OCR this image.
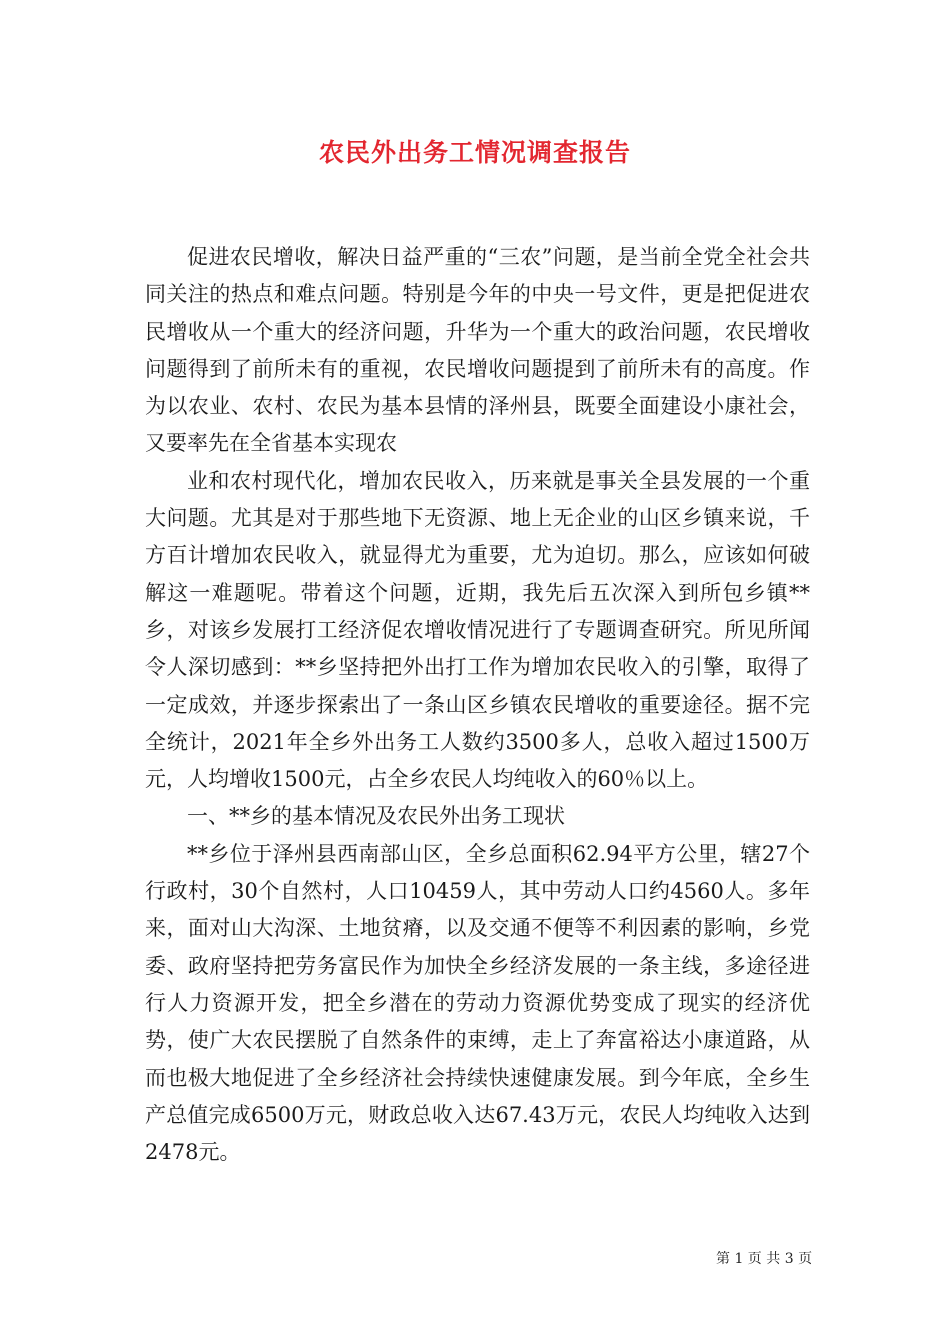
农民外出务工情况调查报告

促进农民增收，解决日益严重的“三农”问题，是当前全党全社会共同关注的热点和难点问题。特别是今年的中央一号文件，更是把促进农民增收从一个重大的经济问题，升华为一个重大的政治问题，农民增收问题得到了前所未有的重视，农民增收问题提到了前所未有的高度。作为以农业、农村、农民为基本县情的泽州县，既要全面建设小康社会，又要率先在全省基本实现农

业和农村现代化，增加农民收入，历来就是事关全县发展的一个重大问题。尤其是对于那些地下无资源、地上无企业的山区乡镇来说，千方百计增加农民收入，就显得尤为重要，尤为迫切。那么，应该如何破解这一难题呢。带着这个问题，近期，我先后五次深入到所包乡镇**乡，对该乡发展打工经济促农增收情况进行了专题调查研究。所见所闻令人深切感到：**乡坚持把外出打工作为增加农民收入的引擎，取得了一定成效，并逐步探索出了一条山区乡镇农民增收的重要途径。据不完全统计，2021年全乡外出务工人数约3500多人，总收入超过1500万元，人均增收1500元，占全乡农民人均纯收入的60％以上。

一、**乡的基本情况及农民外出务工现状

**乡位于泽州县西南部山区，全乡总面积62.94平方公里，辖27个行政村，30个自然村，人口10459人，其中劳动人口约4560人。多年来，面对山大沟深、土地贫瘠，以及交通不便等不利因素的影响，乡党委、政府坚持把劳务富民作为加快全乡经济发展的一条主线，多途径进行人力资源开发，把全乡潜在的劳动力资源优势变成了现实的经济优势，使广大农民摆脱了自然条件的束缚，走上了奔富裕达小康道路，从而也极大地促进了全乡经济社会持续快速健康发展。到今年底，全乡生产总值完成6500万元，财政总收入达67.43万元，农民人均纯收入达到2478元。

第 1 页 共 3 页
